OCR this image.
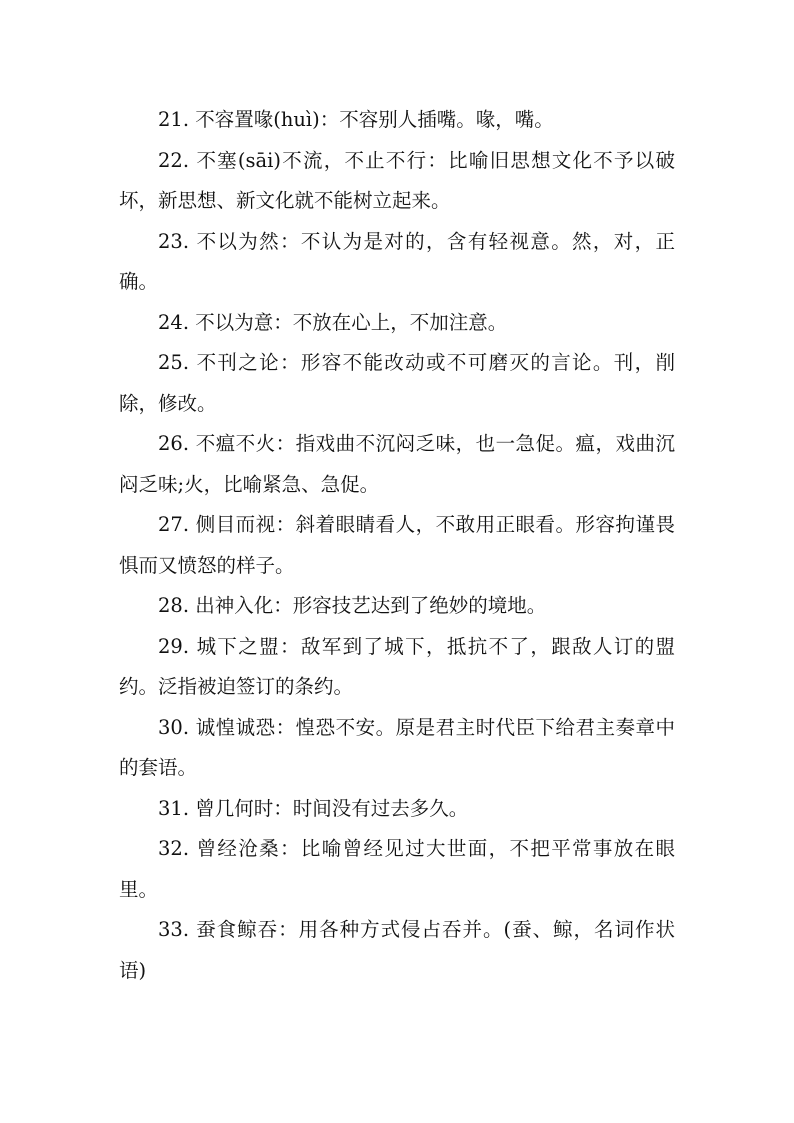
21. 不容置喙(huì)：不容别人插嘴。喙，嘴。

22. 不塞(sāi)不流，不止不行：比喻旧思想文化不予以破坏，新思想、新文化就不能树立起来。

23. 不以为然：不认为是对的，含有轻视意。然，对，正确。

24. 不以为意：不放在心上，不加注意。

25. 不刊之论：形容不能改动或不可磨灭的言论。刊，削除，修改。

26. 不瘟不火：指戏曲不沉闷乏味，也一急促。瘟，戏曲沉闷乏味;火，比喻紧急、急促。

27. 侧目而视：斜着眼睛看人，不敢用正眼看。形容拘谨畏惧而又愤怒的样子。

28. 出神入化：形容技艺达到了绝妙的境地。

29. 城下之盟：敌军到了城下，抵抗不了，跟敌人订的盟约。泛指被迫签订的条约。

30. 诚惶诚恐：惶恐不安。原是君主时代臣下给君主奏章中的套语。

31. 曾几何时：时间没有过去多久。

32. 曾经沧桑：比喻曾经见过大世面，不把平常事放在眼里。

33. 蚕食鲸吞：用各种方式侵占吞并。(蚕、鲸，名词作状语)
